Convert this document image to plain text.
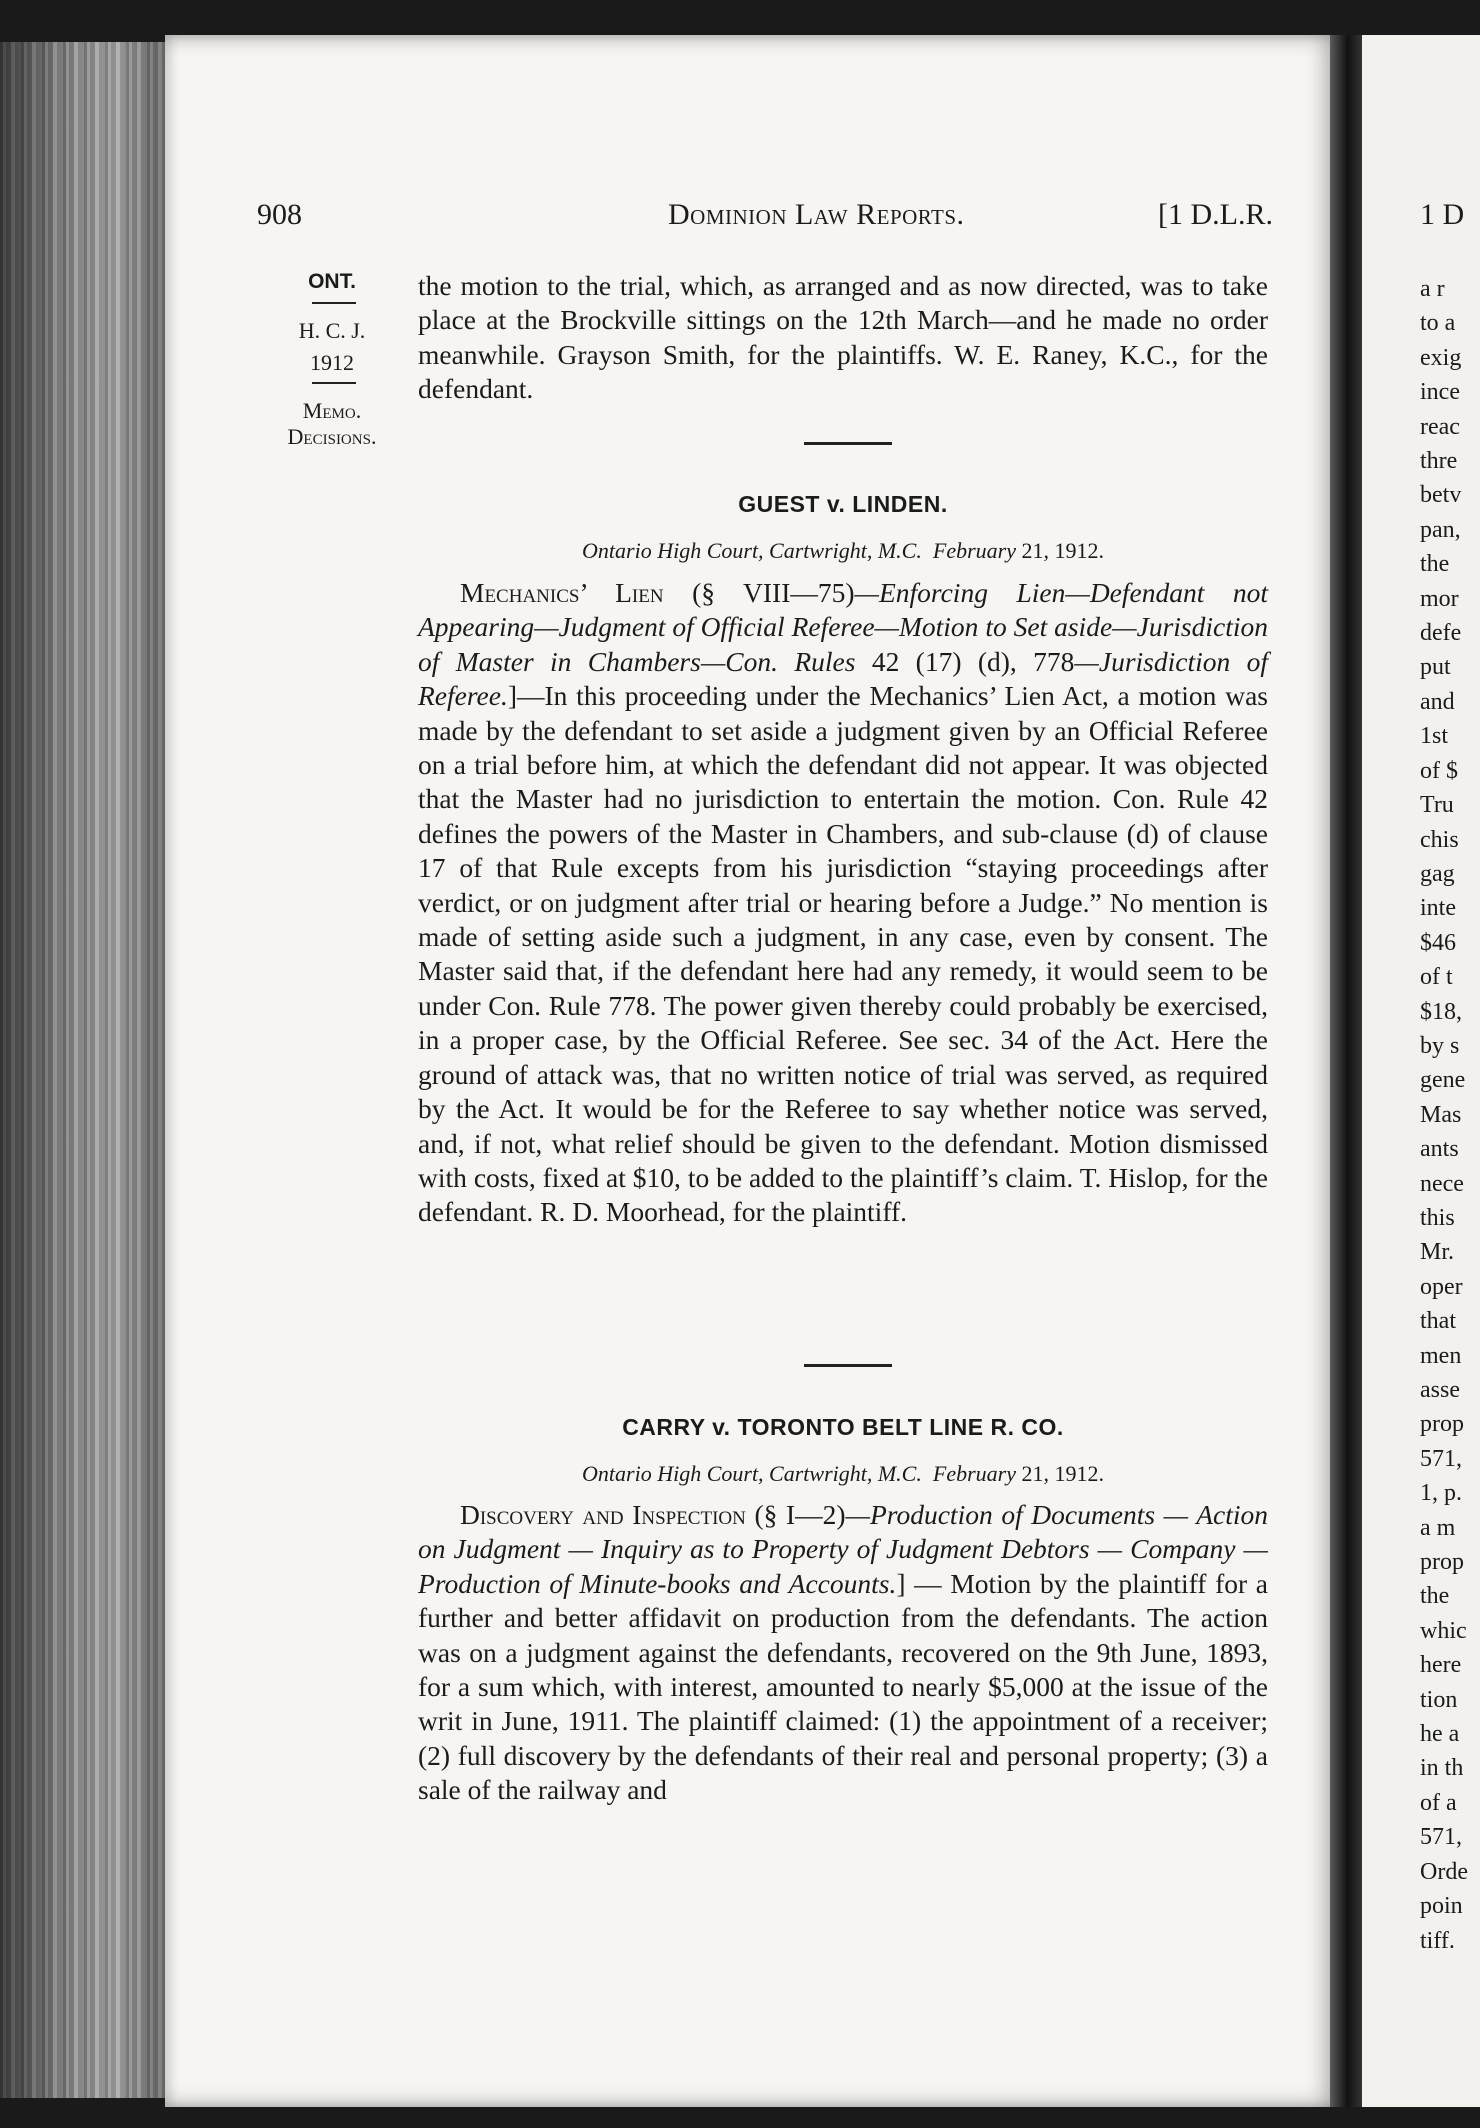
908	Dominion Law Reports.	[1 D.L.R.
ONT.
H. C. J.
1912
Memo.
Decisions.

the motion to the trial, which, as arranged and as now directed, was to take place at the Brockville sittings on the 12th March—and he made no order meanwhile. Grayson Smith, for the plaintiffs. W. E. Raney, K.C., for the defendant.

GUEST v. LINDEN.
Ontario High Court, Cartwright, M.C. February 21, 1912.

Mechanics’ Lien (§ VIII—75)—Enforcing Lien—Defendant not Appearing—Judgment of Official Referee—Motion to Set aside—Jurisdiction of Master in Chambers—Con. Rules 42 (17) (d), 778—Jurisdiction of Referee.]—In this proceeding under the Mechanics’ Lien Act, a motion was made by the defendant to set aside a judgment given by an Official Referee on a trial before him, at which the defendant did not appear. It was objected that the Master had no jurisdiction to entertain the motion. Con. Rule 42 defines the powers of the Master in Chambers, and sub-clause (d) of clause 17 of that Rule excepts from his jurisdiction “staying proceedings after verdict, or on judgment after trial or hearing before a Judge.” No mention is made of setting aside such a judgment, in any case, even by consent. The Master said that, if the defendant here had any remedy, it would seem to be under Con. Rule 778. The power given thereby could probably be exercised, in a proper case, by the Official Referee. See sec. 34 of the Act. Here the ground of attack was, that no written notice of trial was served, as required by the Act. It would be for the Referee to say whether notice was served, and, if not, what relief should be given to the defendant. Motion dismissed with costs, fixed at $10, to be added to the plaintiff’s claim. T. Hislop, for the defendant. R. D. Moorhead, for the plaintiff.

CARRY v. TORONTO BELT LINE R. CO.
Ontario High Court, Cartwright, M.C. February 21, 1912.

Discovery and Inspection (§ I—2)—Production of Documents — Action on Judgment — Inquiry as to Property of Judgment Debtors — Company — Production of Minute-books and Accounts.] — Motion by the plaintiff for a further and better affidavit on production from the defendants. The action was on a judgment against the defendants, recovered on the 9th June, 1893, for a sum which, with interest, amounted to nearly $5,000 at the issue of the writ in June, 1911. The plaintiff claimed: (1) the appointment of a receiver; (2) full discovery by the defendants of their real and personal property; (3) a sale of the railway and

1 D
a r
to a
exig
ince
reac
thre
betv
pan,
the
mor
defe
put
and
1st
of $
Tru
chis
gag
inte
$46
of t
$18,
by s
gene
Mas
ants
nece
this
Mr.
oper
that
men
asse
prop
571,
1, p.
a m
prop
the
whic
here
tion
he a
in th
of a
571,
Orde
poin
tiff.
